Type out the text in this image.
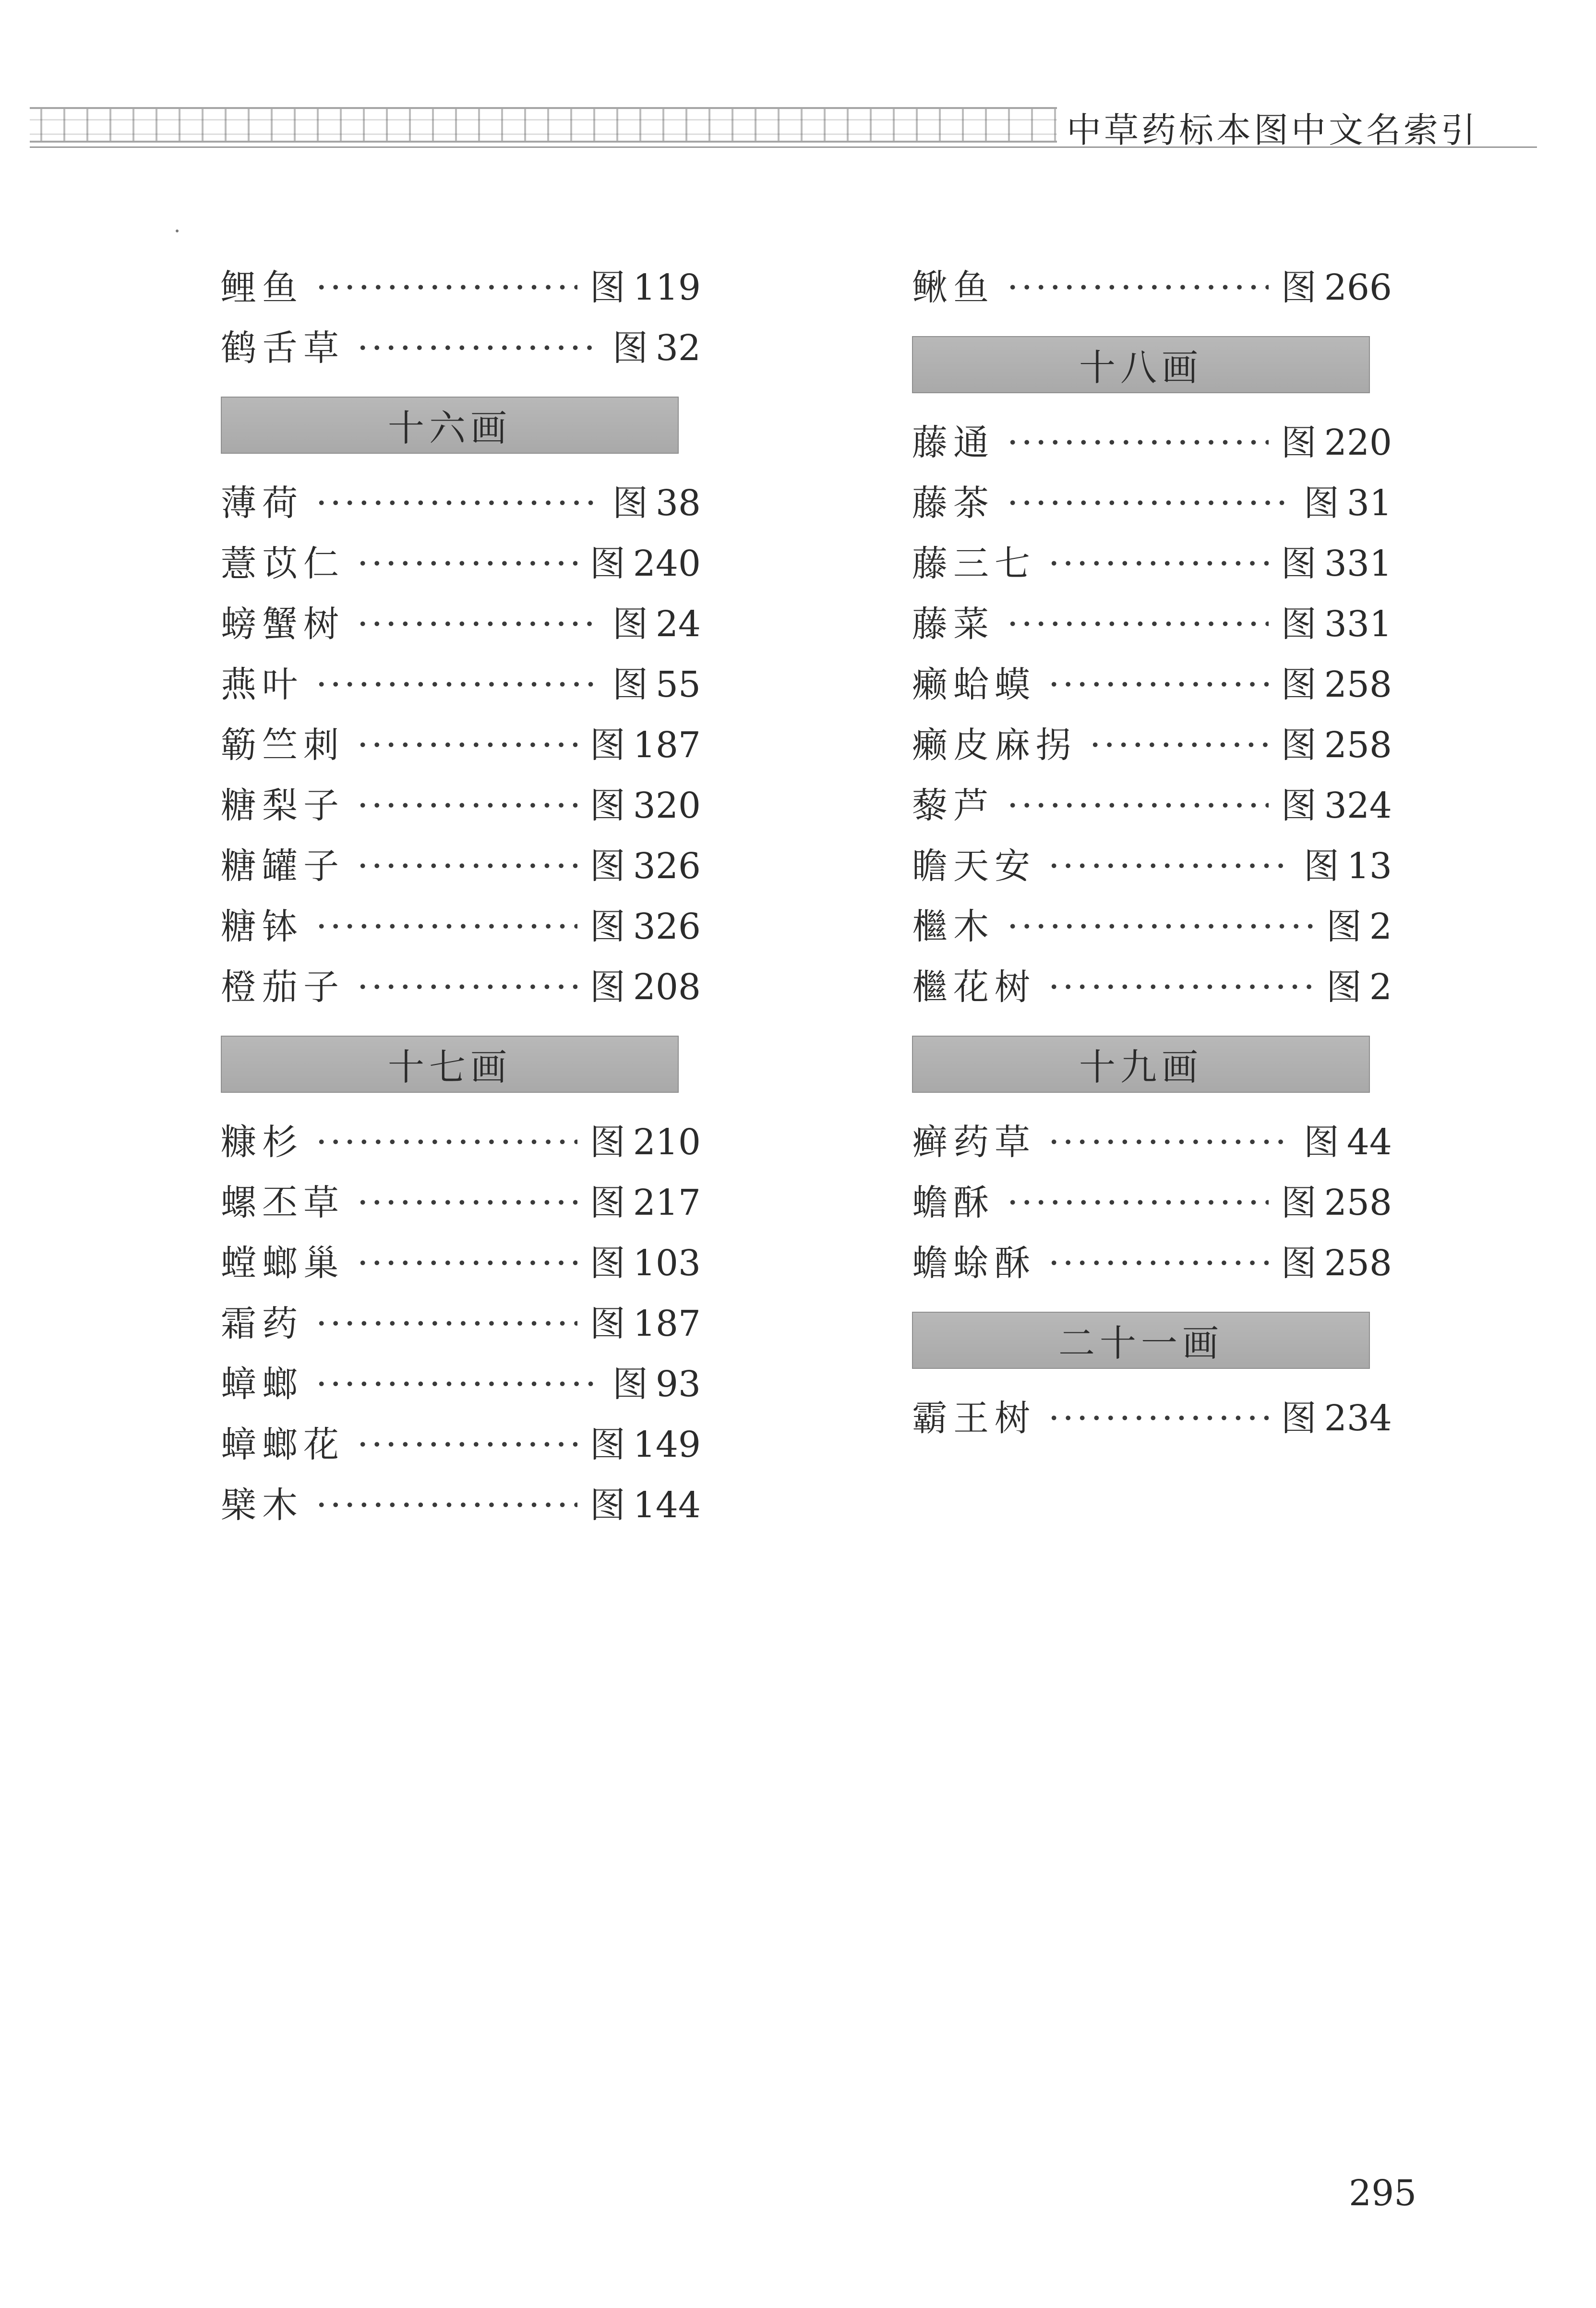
中草药标本图中文名索引
鲤鱼 ·····	图 119
鹤舌草 ·····	图 32
十六画
薄荷 ·····	图 38
薏苡仁 ·····	图 240
螃蟹树 ·····	图 24
燕叶 ·····	图 55
簕竺刺 ·····	图 187
糖梨子 ·····	图 320
糖罐子 ·····	图 326
糖钵 ·····	图 326
橙茄子 ·····	图 208
十七画
糠杉 ·····	图 210
螺丕草 ·····	图 217
螳螂巢 ·····	图 103
霜药 ·····	图 187
蟑螂 ·····	图 93
蟑螂花 ·····	图 149
檗木 ·····	图 144
鳅鱼 ·····	图 266
十八画
藤通 ·····	图 220
藤茶 ·····	图 31
藤三七 ·····	图 331
藤菜 ·····	图 331
癞蛤蟆 ·····	图 258
癞皮麻拐 ·····	图 258
藜芦 ·····	图 324
瞻天安 ·····	图 13
檵木 ·····	图 2
檵花树 ·····	图 2
十九画
癣药草 ·····	图 44
蟾酥 ·····	图 258
蟾蜍酥 ·····	图 258
二十一画
霸王树 ·····	图 234
295
